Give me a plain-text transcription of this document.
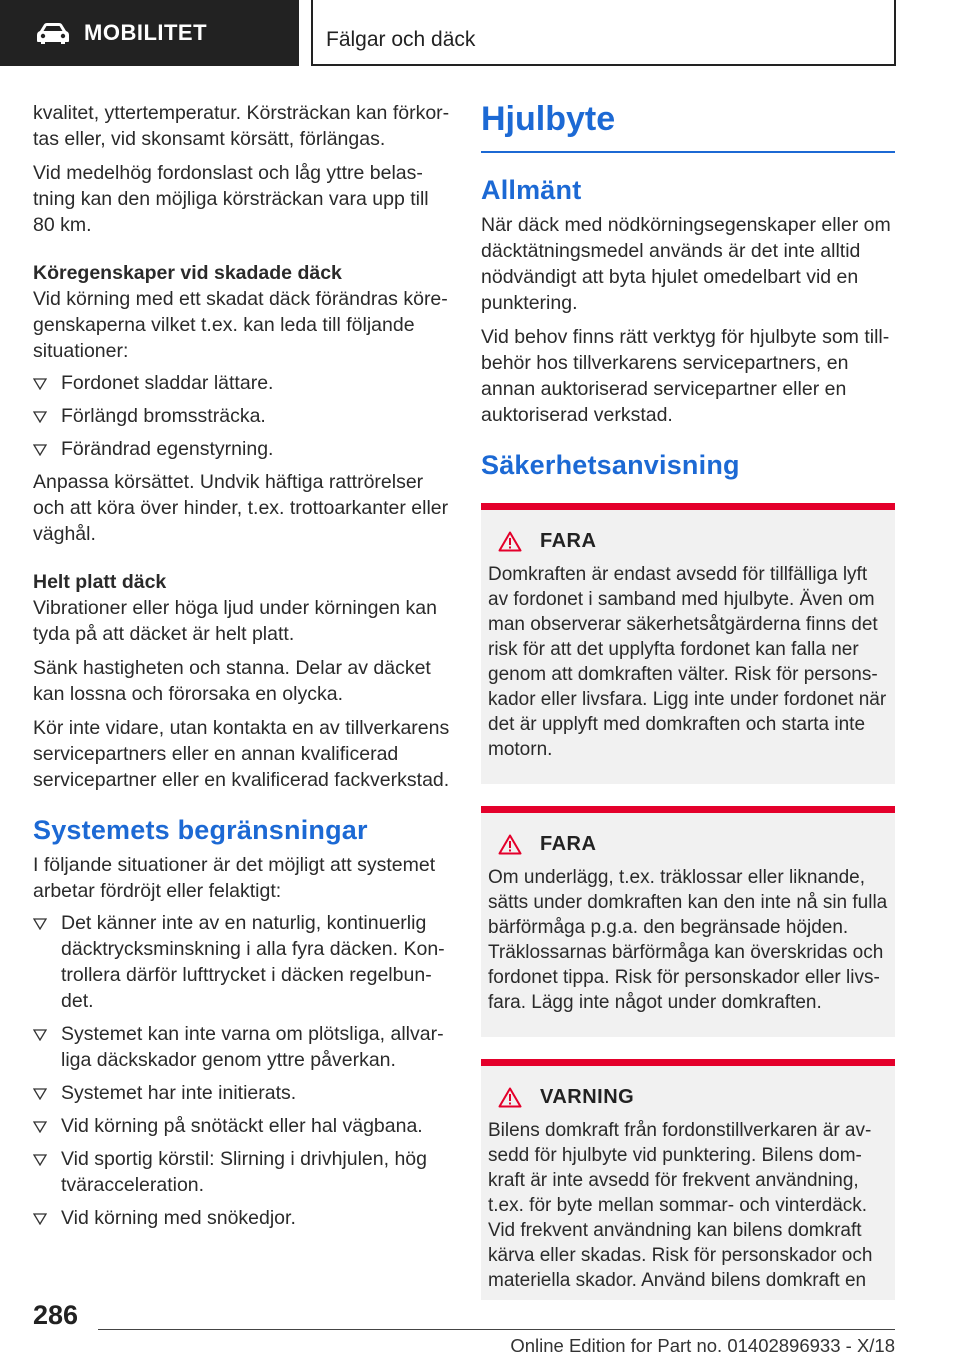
MOBILITET	Fälgar och däck

kvalitet, yttertemperatur. Körsträckan kan förkortas eller, vid skonsamt körsätt, förlängas.

Vid medelhög fordonslast och låg yttre belastning kan den möjliga körsträckan vara upp till 80 km.

Köregenskaper vid skadade däck

Vid körning med ett skadat däck förändras köregenskaperna vilket t.ex. kan leda till följande situationer:

Fordonet sladdar lättare.
Förlängd bromssträcka.
Förändrad egenstyrning.

Anpassa körsättet. Undvik häftiga rattrörelser och att köra över hinder, t.ex. trottoarkanter eller väghål.

Helt platt däck

Vibrationer eller höga ljud under körningen kan tyda på att däcket är helt platt.

Sänk hastigheten och stanna. Delar av däcket kan lossna och förorsaka en olycka.

Kör inte vidare, utan kontakta en av tillverkarens servicepartners eller en annan kvalificerad servicepartner eller en kvalificerad fackverkstad.

Systemets begränsningar

I följande situationer är det möjligt att systemet arbetar fördröjt eller felaktigt:

Det känner inte av en naturlig, kontinuerlig däcktrycksminskning i alla fyra däcken. Kontrollera därför lufttrycket i däcken regelbundet.
Systemet kan inte varna om plötsliga, allvarliga däckskador genom yttre påverkan.
Systemet har inte initierats.
Vid körning på snötäckt eller hal vägbana.
Vid sportig körstil: Slirning i drivhjulen, hög tväracceleration.
Vid körning med snökedjor.
Hjulbyte
Allmänt

När däck med nödkörningsegenskaper eller om däcktätningsmedel används är det inte alltid nödvändigt att byta hjulet omedelbart vid en punktering.

Vid behov finns rätt verktyg för hjulbyte som tillbehör hos tillverkarens servicepartners, en annan auktoriserad servicepartner eller en auktoriserad verkstad.

Säkerhetsanvisning
FARA

Domkraften är endast avsedd för tillfälliga lyft av fordonet i samband med hjulbyte. Även om man observerar säkerhetsåtgärderna finns det risk för att det upplyfta fordonet kan falla ner genom att domkraften välter. Risk för personskador eller livsfara. Ligg inte under fordonet när det är upplyft med domkraften och starta inte motorn.

FARA

Om underlägg, t.ex. träklossar eller liknande, sätts under domkraften kan den inte nå sin fulla bärförmåga p.g.a. den begränsade höjden. Träklossarnas bärförmåga kan överskridas och fordonet tippa. Risk för personskador eller livsfara. Lägg inte något under domkraften.

VARNING

Bilens domkraft från fordonstillverkaren är avsedd för hjulbyte vid punktering. Bilens domkraft är inte avsedd för frekvent användning, t.ex. för byte mellan sommar- och vinterdäck. Vid frekvent användning kan bilens domkraft kärva eller skadas. Risk för personskador och materiella skador. Använd bilens domkraft en

286
Online Edition for Part no. 01402896933 - X/18
